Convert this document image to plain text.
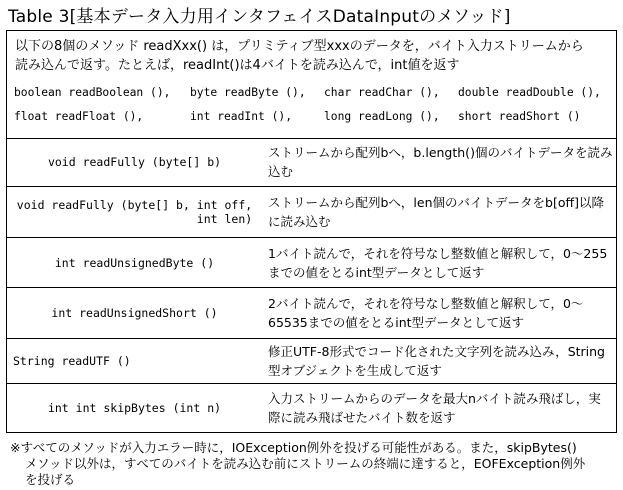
Table 3[基本データ入力用インタフェイスDataInputのメソッド]
以下の8個のメソッド readXxx() は，プリミティブ型xxxのデータを，バイト入力ストリームから
読み込んで返す。たとえば，readInt()は4バイトを読み込んで，int値を返す
boolean readBoolean (), byte readByte (), char readChar (), double readDouble (),
float readFloat (),	int readInt (),	long readLong (), short readShort ()
void readFully (byte[] b)
ストリームから配列bへ，b.length()個のバイトデータを読み込む
void readFully (byte[] b, int off,
int len)
ストリームから配列bへ，len個のバイトデータをb[off]以降に読み込む
int readUnsignedByte ()
1バイト読んで，それを符号なし整数値と解釈して，0〜255までの値をとるint型データとして返す
int readUnsignedShort ()
2バイト読んで，それを符号なし整数値と解釈して，0〜65535までの値をとるint型データとして返す
String readUTF ()
修正UTF-8形式でコード化された文字列を読み込み，String型オブジェクトを生成して返す
int int skipBytes (int n)
入力ストリームからのデータを最大nバイト読み飛ばし，実際に読み飛ばせたバイト数を返す
※すべてのメソッドが入力エラー時に，IOException例外を投げる可能性がある。また，skipBytes()
メソッド以外は，すべてのバイトを読み込む前にストリームの終端に達すると，EOFException例外
を投げる
